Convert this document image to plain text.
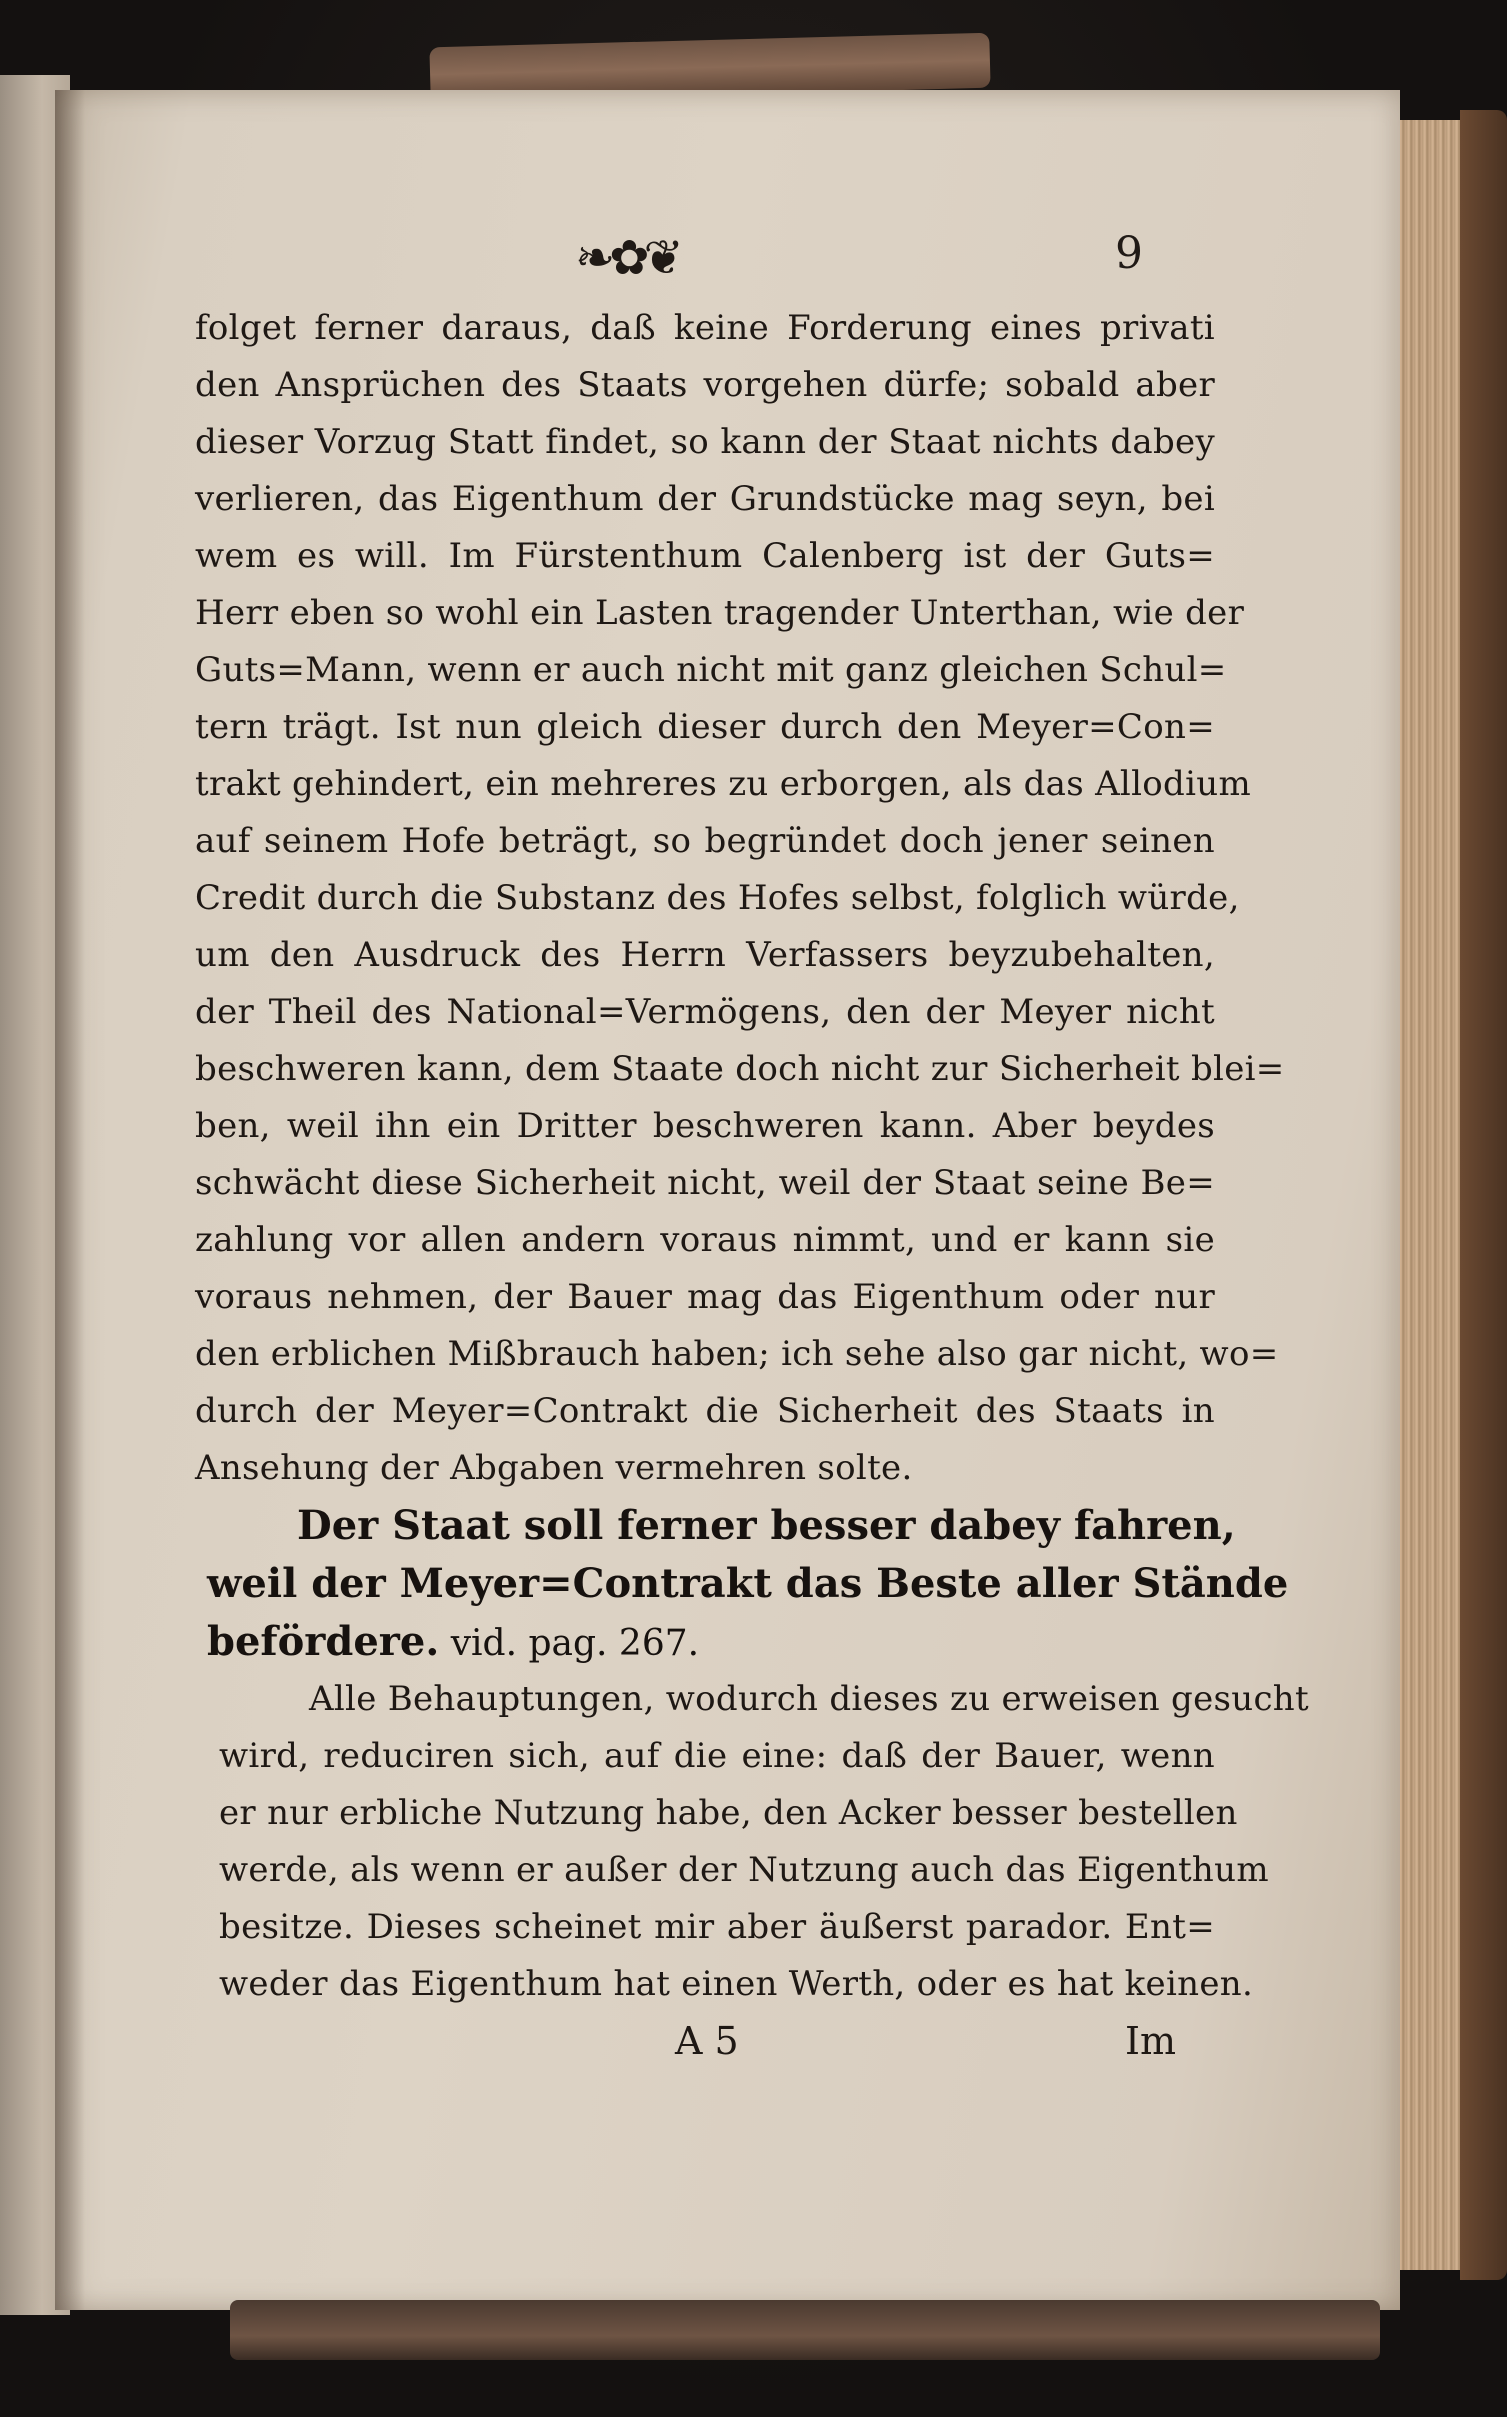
❧✿❦	9
folget ferner daraus, daß keine Forderung eines privati
den Ansprüchen des Staats vorgehen dürfe; sobald aber
dieser Vorzug Statt findet, so kann der Staat nichts dabey
verlieren, das Eigenthum der Grundstücke mag seyn, bei
wem es will. Im Fürstenthum Calenberg ist der Guts=
Herr eben so wohl ein Lasten tragender Unterthan, wie der
Guts=Mann, wenn er auch nicht mit ganz gleichen Schul=
tern trägt. Ist nun gleich dieser durch den Meyer=Con=
trakt gehindert, ein mehreres zu erborgen, als das Allodium
auf seinem Hofe beträgt, so begründet doch jener seinen
Credit durch die Substanz des Hofes selbst, folglich würde,
um den Ausdruck des Herrn Verfassers beyzubehalten,
der Theil des National=Vermögens, den der Meyer nicht
beschweren kann, dem Staate doch nicht zur Sicherheit blei=
ben, weil ihn ein Dritter beschweren kann. Aber beydes
schwächt diese Sicherheit nicht, weil der Staat seine Be=
zahlung vor allen andern voraus nimmt, und er kann sie
voraus nehmen, der Bauer mag das Eigenthum oder nur
den erblichen Mißbrauch haben; ich sehe also gar nicht, wo=
durch der Meyer=Contrakt die Sicherheit des Staats in
Ansehung der Abgaben vermehren solte.
Der Staat soll ferner besser dabey fahren,
weil der Meyer=Contrakt das Beste aller Stände
befördere. vid. pag. 267.
Alle Behauptungen, wodurch dieses zu erweisen gesucht
wird, reduciren sich, auf die eine: daß der Bauer, wenn
er nur erbliche Nutzung habe, den Acker besser bestellen
werde, als wenn er außer der Nutzung auch das Eigenthum
besitze. Dieses scheinet mir aber äußerst parador. Ent=
weder das Eigenthum hat einen Werth, oder es hat keinen.
A 5	Im
